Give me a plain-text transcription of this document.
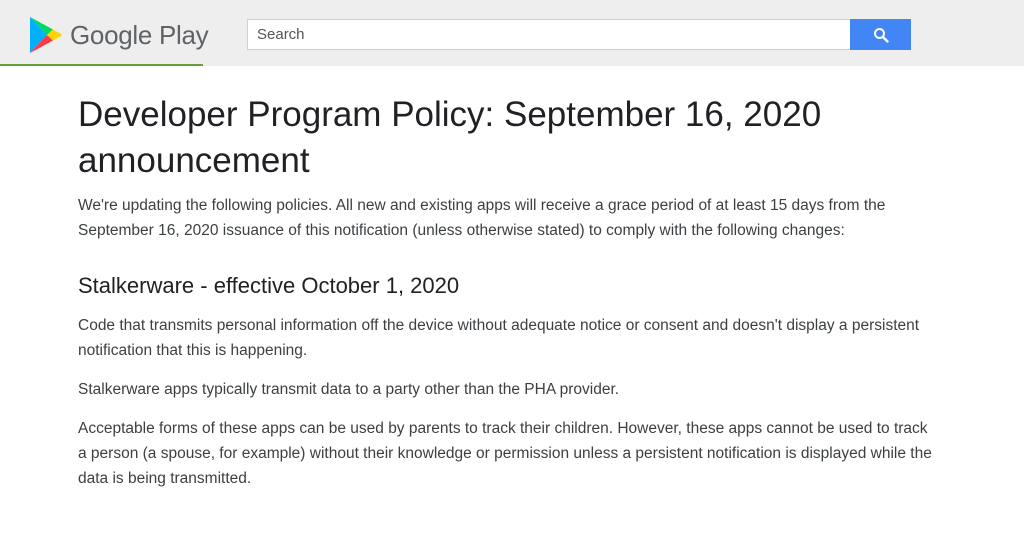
Google Play
Search
Developer Program Policy: September 16, 2020 announcement

We're updating the following policies. All new and existing apps will receive a grace period of at least 15 days from the September 16, 2020 issuance of this notification (unless otherwise stated) to comply with the following changes:

Stalkerware - effective October 1, 2020

Code that transmits personal information off the device without adequate notice or consent and doesn't display a persistent notification that this is happening.

Stalkerware apps typically transmit data to a party other than the PHA provider.

Acceptable forms of these apps can be used by parents to track their children. However, these apps cannot be used to track a person (a spouse, for example) without their knowledge or permission unless a persistent notification is displayed while the data is being transmitted.
